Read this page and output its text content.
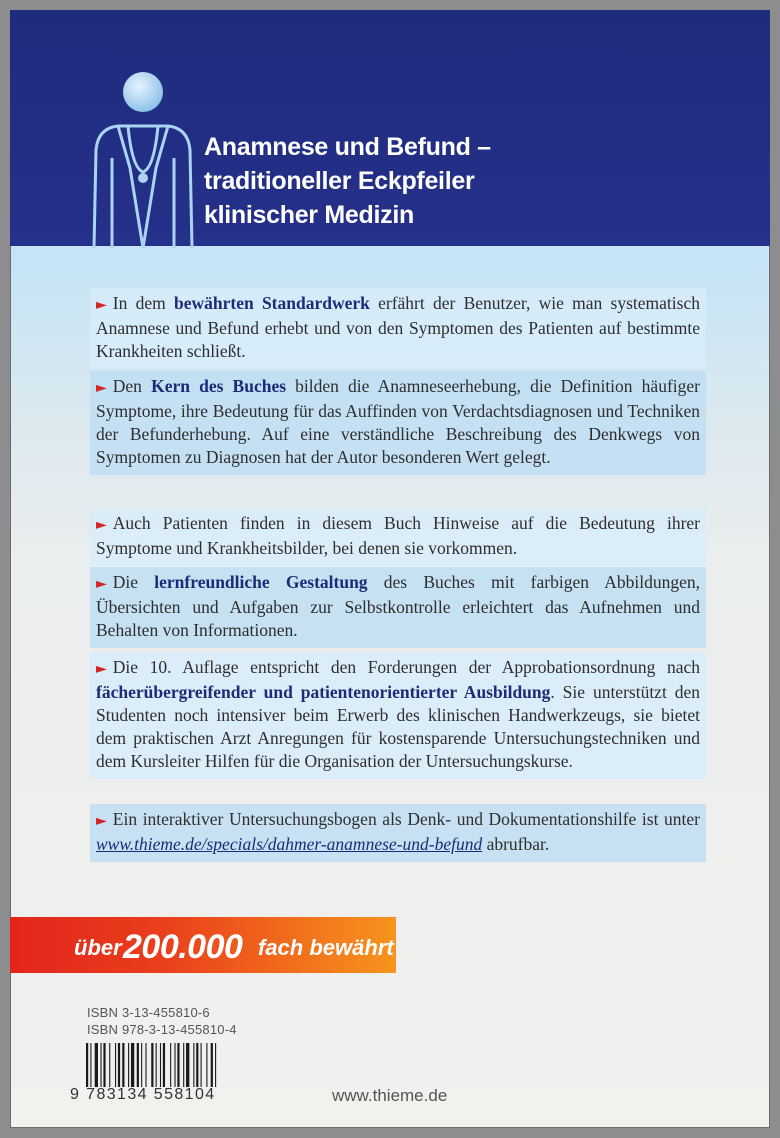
Anamnese und Befund –
traditioneller Eckpfeiler
klinischer Medizin
► In dem bewährten Standardwerk erfährt der Benutzer, wie man systematisch Anamnese und Befund erhebt und von den Symptomen des Patienten auf bestimmte Krankheiten schließt.
► Den Kern des Buches bilden die Anamneseerhebung, die Definition häufiger Symptome, ihre Bedeutung für das Auffinden von Verdachtsdiagnosen und Techniken der Befunderhebung. Auf eine verständliche Beschreibung des Denkwegs von Symptomen zu Diagnosen hat der Autor besonderen Wert gelegt.
► Auch Patienten finden in diesem Buch Hinweise auf die Bedeutung ihrer Symptome und Krankheitsbilder, bei denen sie vorkommen.
► Die lernfreundliche Gestaltung des Buches mit farbigen Abbildungen, Übersichten und Aufgaben zur Selbstkontrolle erleichtert das Aufnehmen und Behalten von Informationen.
► Die 10. Auflage entspricht den Forderungen der Approbationsordnung nach fächerübergreifender und patientenorientierter Ausbildung. Sie unterstützt den Studenten noch intensiver beim Erwerb des klinischen Handwerkzeugs, sie bietet dem praktischen Arzt Anregungen für kostensparende Untersuchungstechniken und dem Kursleiter Hilfen für die Organisation der Untersuchungskurse.
► Ein interaktiver Untersuchungsbogen als Denk- und Dokumentationshilfe ist unter www.thieme.de/specials/dahmer-anamnese-und-befund abrufbar.
über 200.000 fach bewährt
ISBN 3-13-455810-6
ISBN 978-3-13-455810-4
9 783134 558104	www.thieme.de
